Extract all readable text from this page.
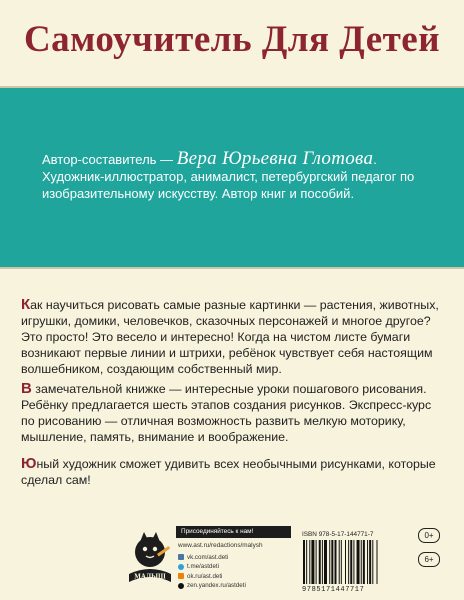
Самоучитель Для Детей

Автор-составитель — Вера Юрьевна Глотова.

Художник-иллюстратор, анималист, петербургский педагог по изобразительному искусству. Автор книг и пособий.

Как научиться рисовать самые разные картинки — растения, животных, игрушки, домики, человечков, сказочных персонажей и многое другое? Это просто! Это весело и интересно! Когда на чистом листе бумаги возникают первые линии и штрихи, ребёнок чувствует себя настоящим волшебником, создающим собственный мир.

В замечательной книжке — интересные уроки пошагового рисования. Ребёнку предлагается шесть этапов создания рисунков. Экспресс-курс по рисованию — отличная возможность развить мелкую моторику, мышление, память, внимание и воображение.

Юный художник сможет удивить всех необычными рисунками, которые сделал сам!

МАЛЫШ
Присоединяйтесь к нам!
www.ast.ru/redactions/malysh
vk.com/ast.deti
t.me/astdeti
ok.ru/ast.deti
zen.yandex.ru/astdeti
ISBN 978-5-17-144771-7
9785171447717
0+
6+
